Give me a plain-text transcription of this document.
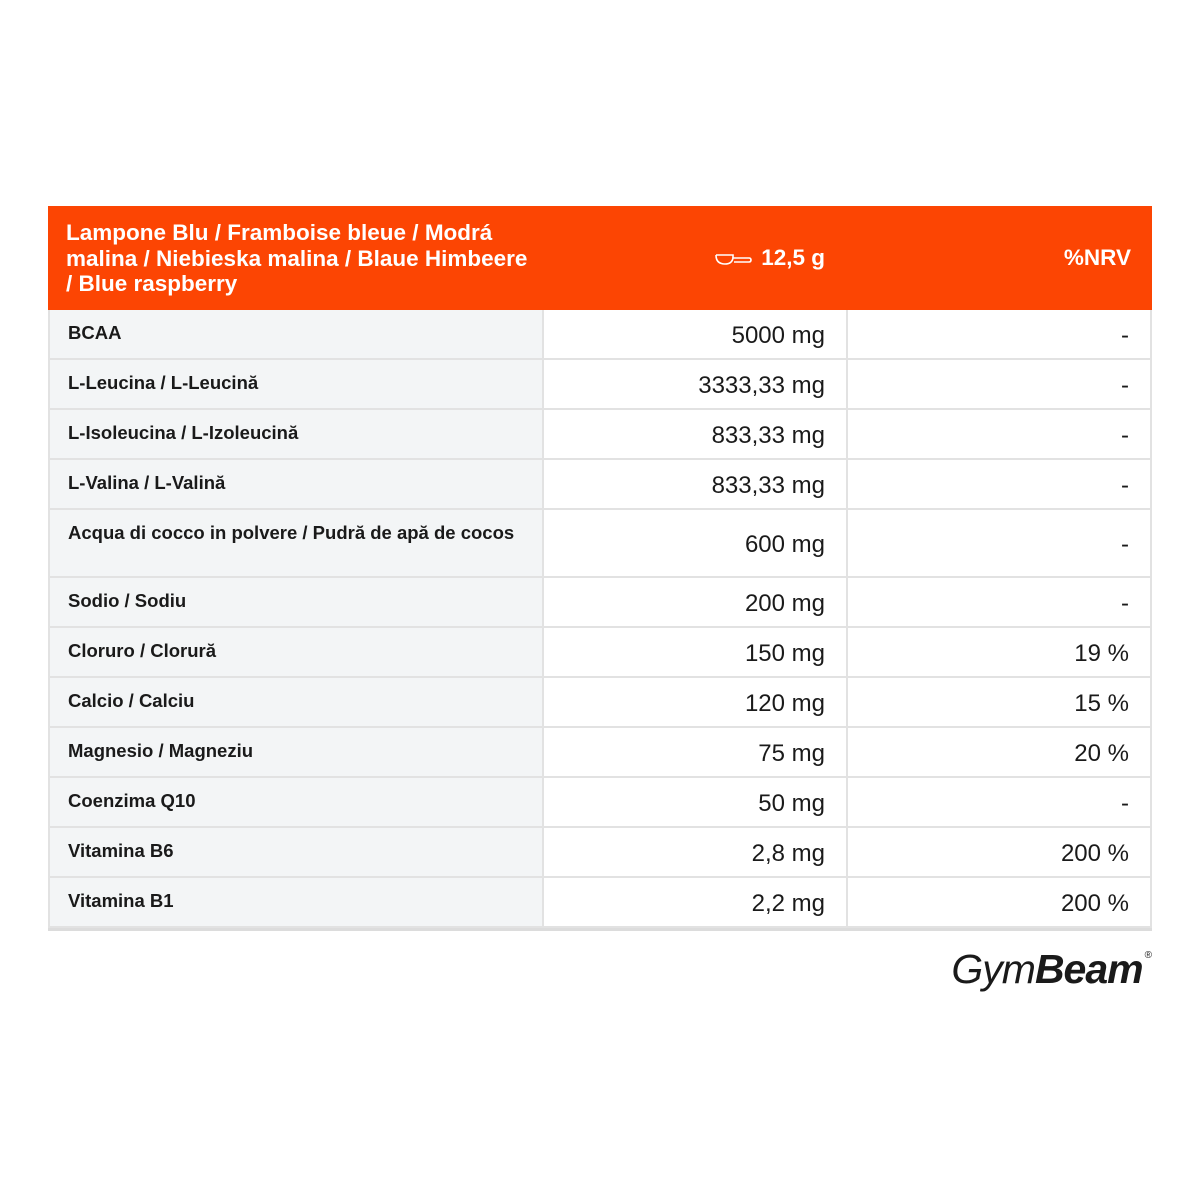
Lampone Blu / Framboise bleue / Modrá malina / Niebieska malina / Blaue Himbeere / Blue raspberry
12,5 g	%NRV
BCAA	5000 mg	-
L-Leucina / L-Leucină	3333,33 mg	-
L-Isoleucina / L-Izoleucină	833,33 mg	-
L-Valina / L-Valină	833,33 mg	-
Acqua di cocco in polvere / Pudră de apă de cocos	600 mg	-
Sodio / Sodiu	200 mg	-
Cloruro / Clorură	150 mg	19 %
Calcio / Calciu	120 mg	15 %
Magnesio / Magneziu	75 mg	20 %
Coenzima Q10	50 mg	-
Vitamina B6	2,8 mg	200 %
Vitamina B1	2,2 mg	200 %
Gym Beam ®
